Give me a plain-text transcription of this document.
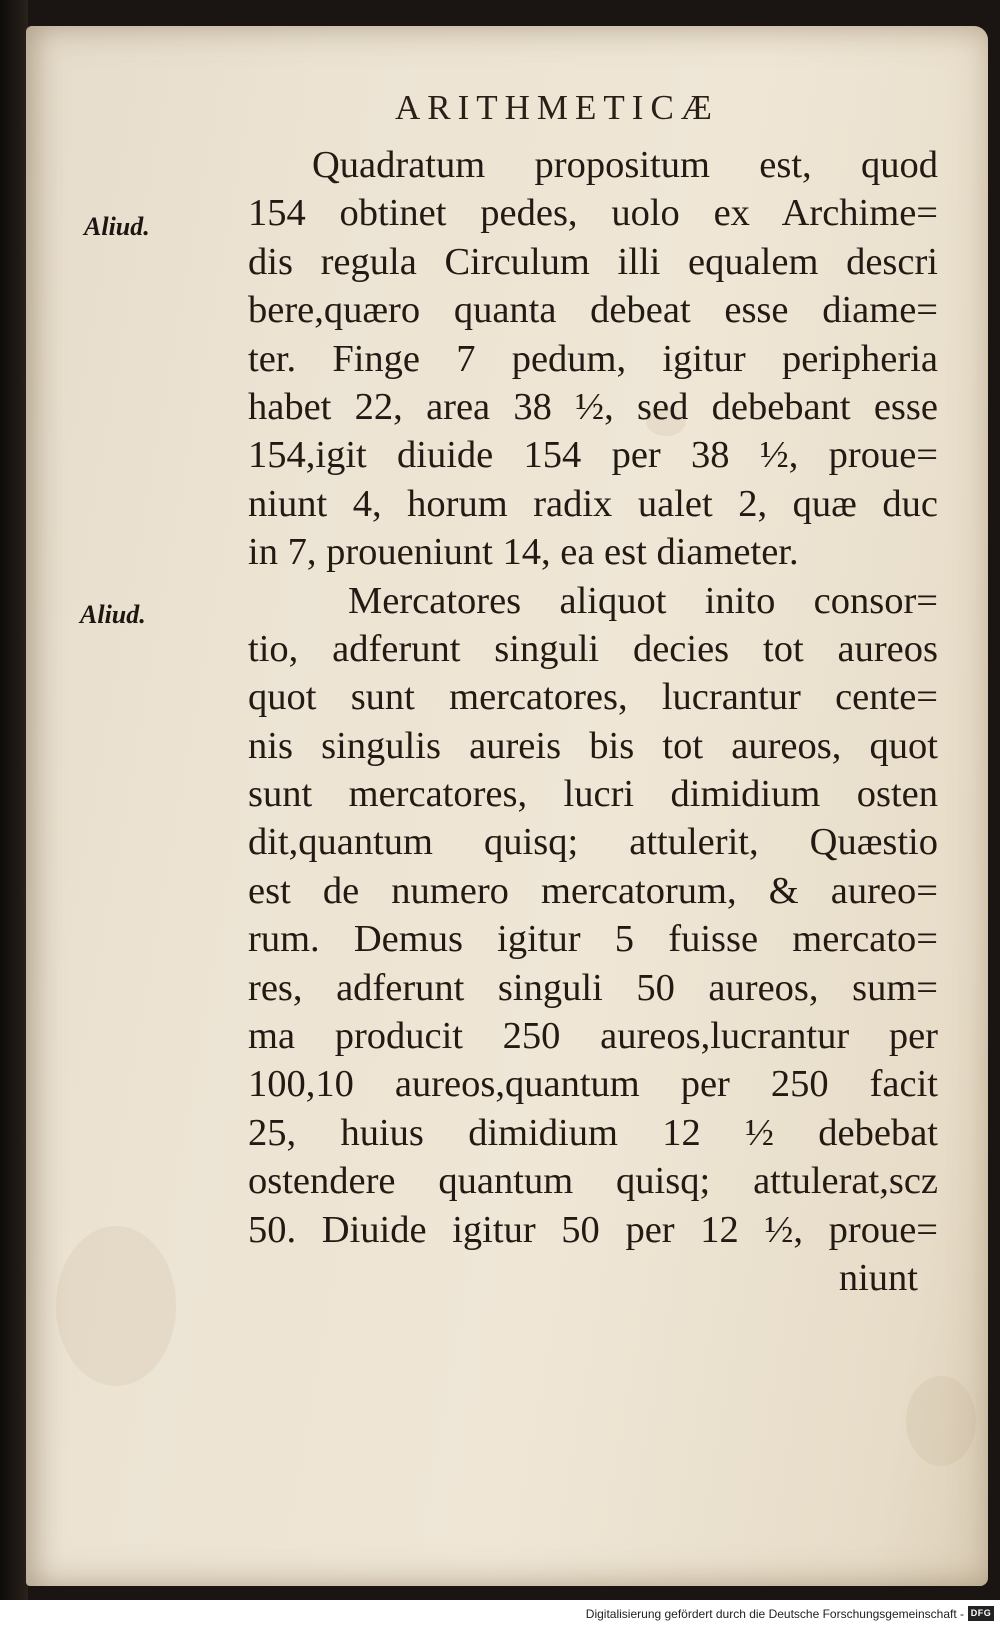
ARITHMETICÆ
Aliud.
Aliud.
Quadratum propositum est, quod
154 obtinet pedes, uolo ex Archime=
dis regula Circulum illi equalem descri
bere,quæro quanta debeat esse diame=
ter. Finge 7 pedum, igitur peripheria
habet 22, area 38 ½, sed debebant esse
154,igit diuide 154 per 38 ½, proue=
niunt 4, horum radix ualet 2, quæ duc
in 7, proueniunt 14, ea est diameter.
Mercatores aliquot inito consor=
tio, adferunt singuli decies tot aureos
quot sunt mercatores, lucrantur cente=
nis singulis aureis bis tot aureos, quot
sunt mercatores, lucri dimidium osten
dit,quantum quisq; attulerit, Quæstio
est de numero mercatorum, & aureo=
rum. Demus igitur 5 fuisse mercato=
res, adferunt singuli 50 aureos, sum=
ma producit 250 aureos,lucrantur per
100,10 aureos,quantum per 250 facit
25, huius dimidium 12 ½ debebat
ostendere quantum quisq; attulerat,scz
50. Diuide igitur 50 per 12 ½, proue=
niunt
Digitalisierung gefördert durch die Deutsche Forschungsgemeinschaft - DFG
